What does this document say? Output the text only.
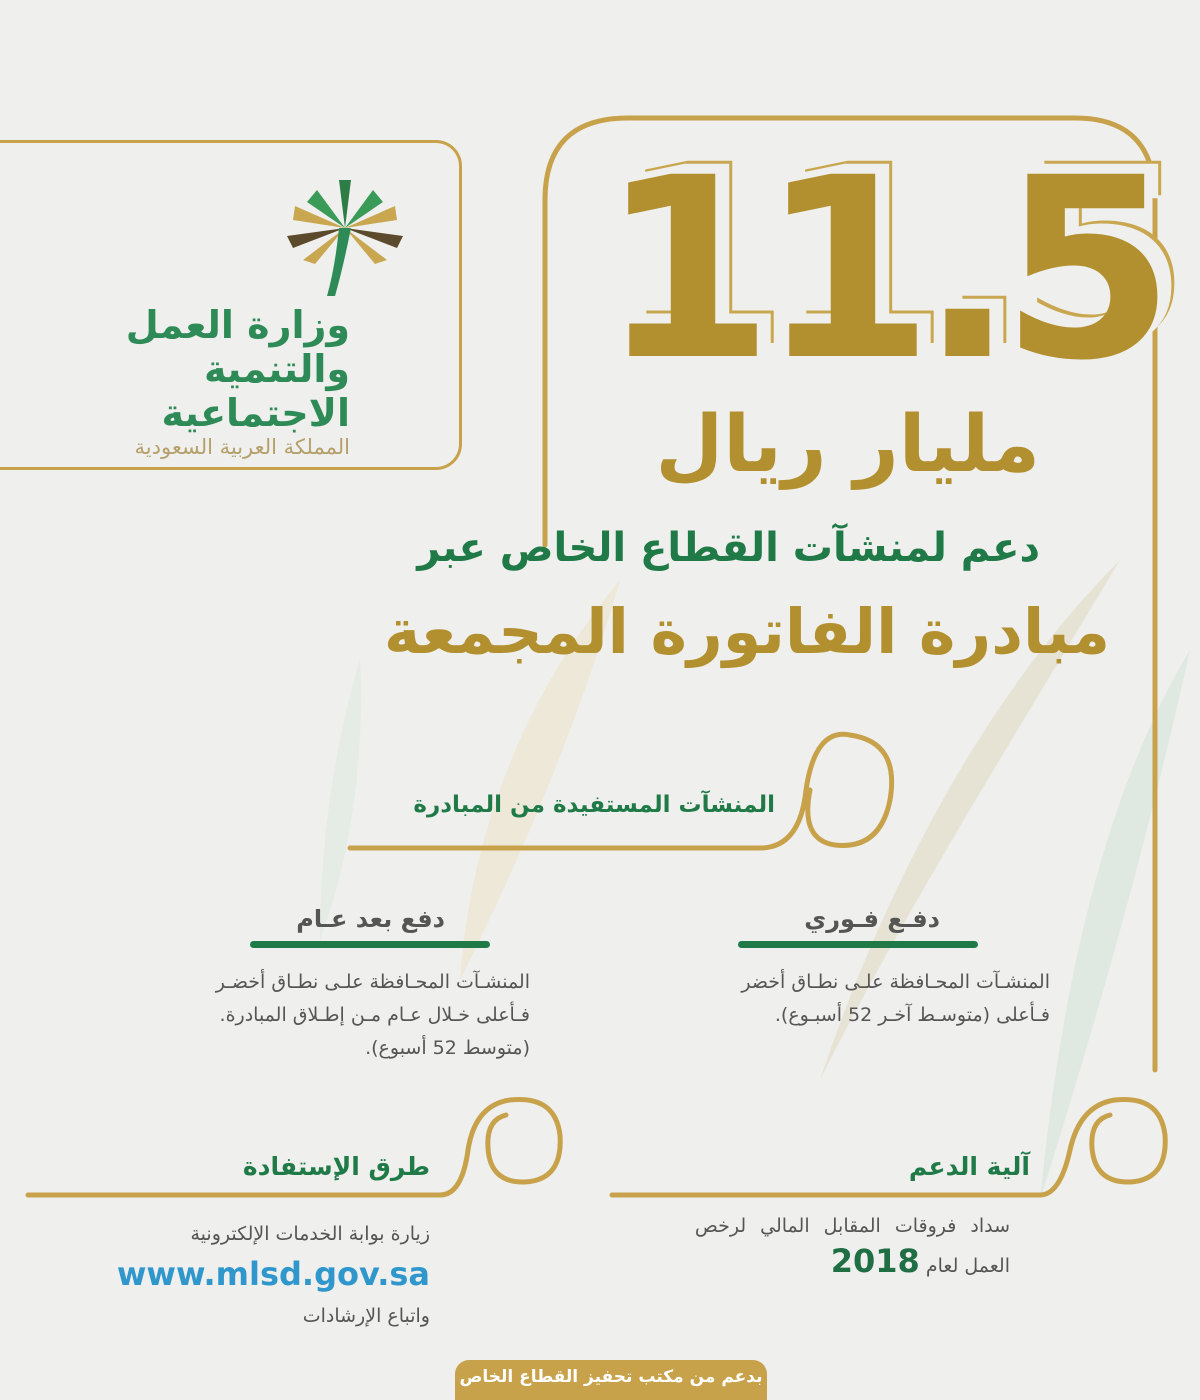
وزارة العمل
والتنمية الاجتماعية
المملكة العربية السعودية
11.5
مليار ريال
دعم لمنشآت القطاع الخاص عبر
مبادرة الفاتورة المجمعة
المنشآت المستفيدة من المبادرة
دفـع فـوري
المنشـآت المحـافظة علـى نطـاق أخضر
فـأعلى (متوسـط آخـر 52 أسبـوع).
دفع بعد عـام
المنشـآت المحـافظة علـى نطـاق أخضـر
فـأعلى خـلال عـام مـن إطـلاق المبادرة.
(متوسط 52 أسبوع).
آلية الدعم
سداد فروقات المقابل المالي لرخص
العمل لعام 2018
طرق الإستفادة
زيارة بوابة الخدمات الإلكترونية
www.mlsd.gov.sa
واتباع الإرشادات
بدعم من مكتب تحفيز القطاع الخاص
